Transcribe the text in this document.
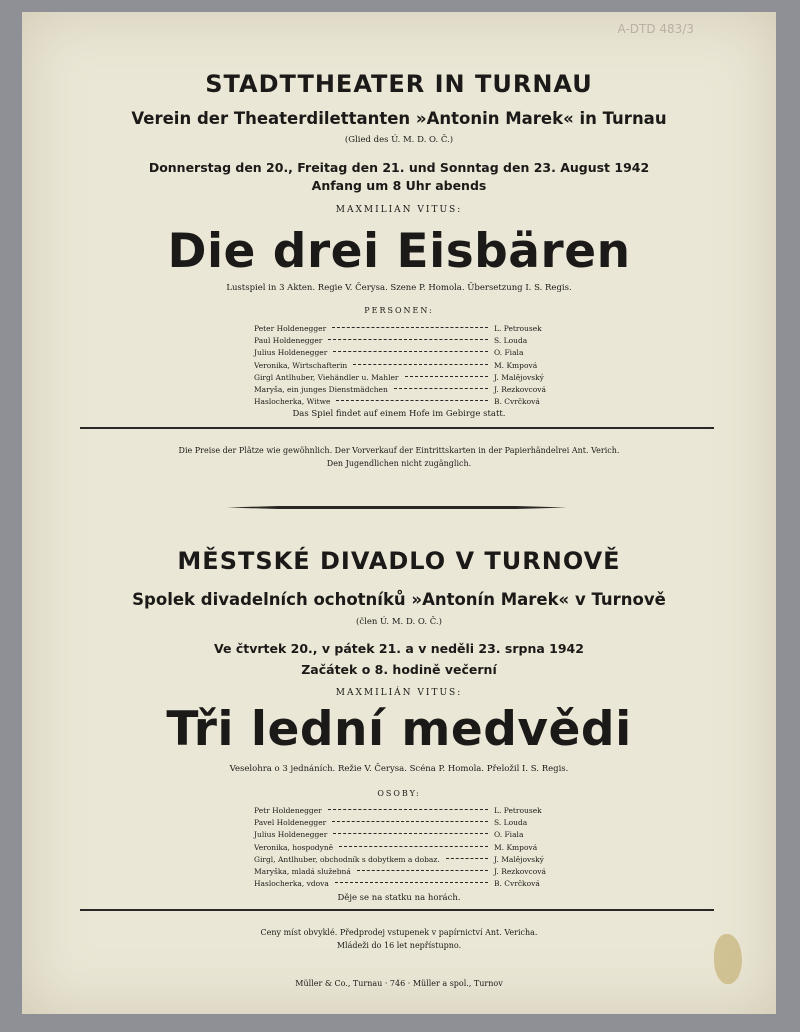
A-DTD 483/3
STADTTHEATER IN TURNAU
Verein der Theaterdilettanten »Antonin Marek« in Turnau
(Glied des Ú. M. D. O. Č.)
Donnerstag den 20., Freitag den 21. und Sonntag den 23. August 1942
Anfang um 8 Uhr abends
MAXMILIAN VITUS:
Die drei Eisbären
Lustspiel in 3 Akten. Regie V. Čerysa. Szene P. Homola. Übersetzung I. S. Regis.
PERSONEN:
Peter Holdenegger	L. Petrousek
Paul Holdenegger	S. Louda
Julius Holdenegger	O. Fiala
Veronika, Wirtschafterin	M. Kmpová
Girgl Antlhuber, Viehändler u. Mahler	J. Malějovský
Maryša, ein junges Dienstmädchen	J. Rezkovcová
Haslocherka, Witwe	B. Cvrčková
Das Spiel findet auf einem Hofe im Gebirge statt.
Die Preise der Plätze wie gewöhnlich. Der Vorverkauf der Eintrittskarten in der Papierhändelrei Ant. Verich.
Den Jugendlichen nicht zugänglich.
MĚSTSKÉ DIVADLO V TURNOVĚ
Spolek divadelních ochotníků »Antonín Marek« v Turnově
(člen Ú. M. D. O. Č.)
Ve čtvrtek 20., v pátek 21. a v neděli 23. srpna 1942
Začátek o 8. hodině večerní
MAXMILIÁN VITUS:
Tři lední medvědi
Veselohra o 3 jednáních. Režie V. Čerysa. Scéna P. Homola. Přeložil I. S. Regis.
OSOBY:
Petr Holdenegger	L. Petrousek
Pavel Holdenegger	S. Louda
Julius Holdenegger	O. Fiala
Veronika, hospodyně	M. Kmpová
Girgl, Antlhuber, obchodník s dobytkem a dobaz.	J. Malějovský
Maryška, mladá služebná	J. Rezkovcová
Haslocherka, vdova	B. Cvrčková
Děje se na statku na horách.
Ceny míst obvyklé. Předprodej vstupenek v papírnictví Ant. Vericha.
Mládeži do 16 let nepřístupno.
Müller & Co., Turnau · 746 · Müller a spol., Turnov
